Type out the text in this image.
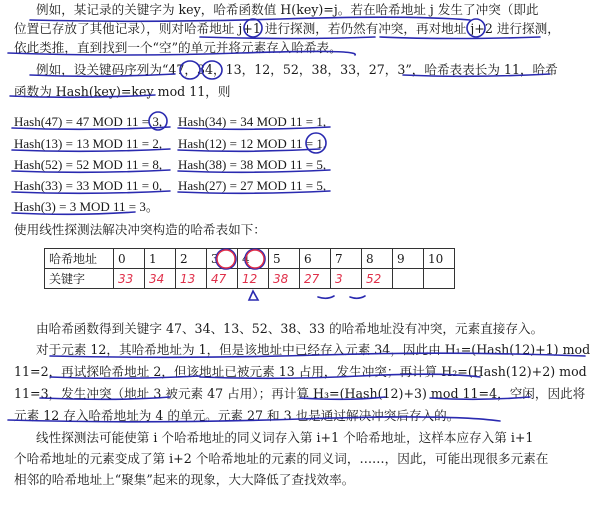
例如，某记录的关键字为 key，哈希函数值 H(key)=j。若在哈希地址 j 发生了冲突（即此
位置已存放了其他记录），则对哈希地址 j+1 进行探测，若仍然有冲突，再对地址 j+2 进行探测，
依此类推，直到找到一个“空”的单元并将元素存入哈希表。
例如，设关键码序列为“47，34，13，12，52，38，33，27，3”，哈希表表长为 11，哈希
函数为 Hash(key)=key mod 11，则
Hash(47) = 47 MOD 11 = 3, Hash(34) = 34 MOD 11 = 1,
Hash(13) = 13 MOD 11 = 2, Hash(12) = 12 MOD 11 = 1,
Hash(52) = 52 MOD 11 = 8, Hash(38) = 38 MOD 11 = 5,
Hash(33) = 33 MOD 11 = 0, Hash(27) = 27 MOD 11 = 5,
Hash(3) = 3 MOD 11 = 3。
使用线性探测法解决冲突构造的哈希表如下：
哈希地址	0	1	2	3	4	5	6	7	8	9	10
关键字	33	34	13	47	12	38	27	3	52		
由哈希函数得到关键字 47、34、13、52、38、33 的哈希地址没有冲突，元素直接存入。
对于元素 12，其哈希地址为 1，但是该地址中已经存入元素 34，因此由 H₁=(Hash(12)+1) mod
11=2，再试探哈希地址 2，但该地址已被元素 13 占用，发生冲突；再计算 H₂=(Hash(12)+2) mod
11=3，发生冲突（地址 3 被元素 47 占用）；再计算 H₃=(Hash(12)+3) mod 11=4，空闲，因此将
元素 12 存入哈希地址为 4 的单元。元素 27 和 3 也是通过解决冲突后存入的。
线性探测法可能使第 i 个哈希地址的同义词存入第 i+1 个哈希地址，这样本应存入第 i+1
个哈希地址的元素变成了第 i+2 个哈希地址的元素的同义词，……，因此，可能出现很多元素在
相邻的哈希地址上“聚集”起来的现象，大大降低了查找效率。
